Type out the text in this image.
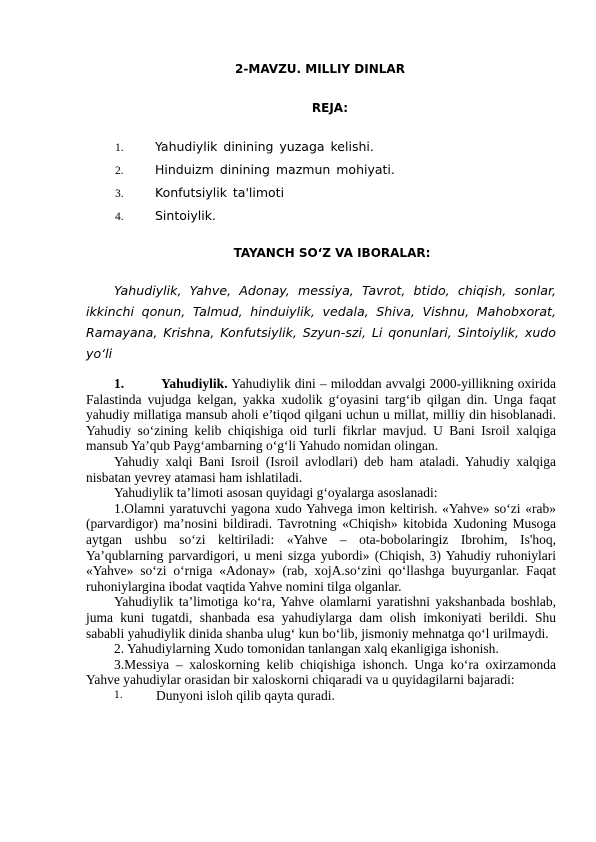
2-MAVZU. MILLIY DINLAR
REJA:
1.	Yahudiylik dinining yuzaga kelishi.
2.	Hinduizm dinining mazmun mohiyati.
3.	Konfutsiylik ta'limoti
4.	Sintoiylik.
TAYANCH SO‘Z VA IBORALAR:
Yahudiylik, Yahve, Adonay, messiya, Tavrot, btido, chiqish, sonlar, ikkinchi qonun, Talmud, hinduiylik, vedala, Shiva, Vishnu, Mahobxorat, Ramayana, Krishna, Konfutsiylik, Szyun-szi, Li qonunlari, Sintoiylik, xudo yo‘li

1.	Yahudiylik. Yahudiylik dini – miloddan avvalgi 2000-yillikning oxirida Falastinda vujudga kelgan, yakka xudolik g‘oyasini targ‘ib qilgan din. Unga faqat yahudiy millatiga mansub aholi e’tiqod qilgani uchun u millat, milliy din hisoblanadi. Yahudiy so‘zining kelib chiqishiga oid turli fikrlar mavjud. U Bani Isroil xalqiga mansub Ya’qub Payg‘ambarning o‘g‘li Yahudo nomidan olingan.

Yahudiy xalqi Bani Isroil (Isroil avlodlari) deb ham ataladi. Yahudiy xalqiga nisbatan yevrey atamasi ham ishlatiladi.

Yahudiylik ta’limoti asosan quyidagi g‘oyalarga asoslanadi:

1.Olamni yaratuvchi yagona xudo Yahvega imon keltirish. «Yahve» so‘zi «rab» (parvardigor) ma’nosini bildiradi. Tavrotning «Chiqish» kitobida Xudoning Musoga aytgan ushbu so‘zi keltiriladi: «Yahve – ota-bobolaringiz Ibrohim, Is'hoq, Ya’qublarning parvardigori, u meni sizga yubordi» (Chiqish, 3) Yahudiy ruhoniylari «Yahve» so‘zi o‘rniga «Adonay» (rab, xojA.so‘zini qo‘llashga buyurganlar. Faqat ruhoniylargina ibodat vaqtida Yahve nomini tilga olganlar.

Yahudiylik ta’limotiga ko‘ra, Yahve olamlarni yaratishni yakshanbada boshlab, juma kuni tugatdi, shanbada esa yahudiylarga dam olish imkoniyati berildi. Shu sababli yahudiylik dinida shanba ulug‘ kun bo‘lib, jismoniy mehnatga qo‘l urilmaydi.

2. Yahudiylarning Xudo tomonidan tanlangan xalq ekanligiga ishonish.

3.Messiya – xaloskorning kelib chiqishiga ishonch. Unga ko‘ra oxirzamonda Yahve yahudiylar orasidan bir xaloskorni chiqaradi va u quyidagilarni bajaradi:

1.	Dunyoni isloh qilib qayta quradi.
